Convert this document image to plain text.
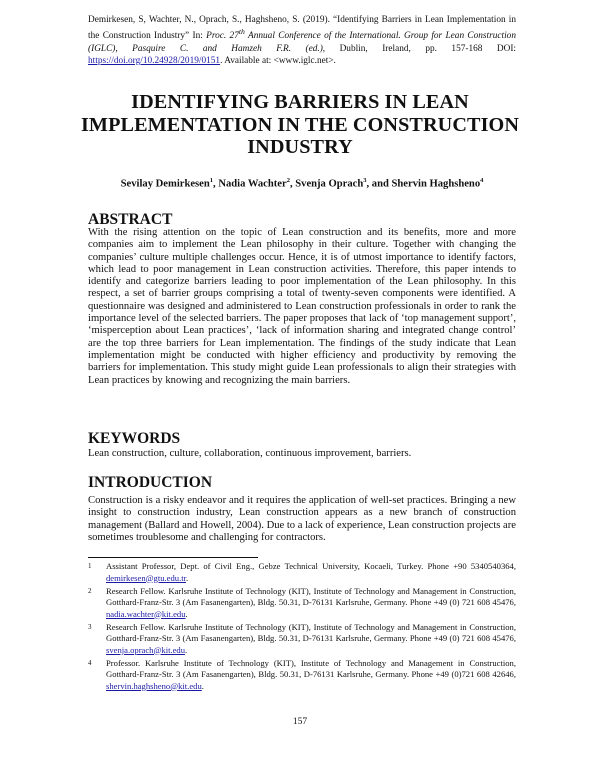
Demirkesen, S, Wachter, N., Oprach, S., Haghsheno, S. (2019). “Identifying Barriers in Lean Implementation in the Construction Industry” In: Proc. 27th Annual Conference of the International. Group for Lean Construction (IGLC), Pasquire C. and Hamzeh F.R. (ed.), Dublin, Ireland, pp. 157-168 DOI: https://doi.org/10.24928/2019/0151. Available at: <www.iglc.net>.
IDENTIFYING BARRIERS IN LEAN IMPLEMENTATION IN THE CONSTRUCTION INDUSTRY
Sevilay Demirkesen$^1$, Nadia Wachter$^2$, Svenja Oprach$^3$, and Shervin Haghsheno$^4$
ABSTRACT
With the rising attention on the topic of Lean construction and its benefits, more and more companies aim to implement the Lean philosophy in their culture. Together with changing the companies’ culture multiple challenges occur. Hence, it is of utmost importance to identify factors, which lead to poor management in Lean construction activities. Therefore, this paper intends to identify and categorize barriers leading to poor implementation of the Lean philosophy. In this respect, a set of barrier groups comprising a total of twenty-seven components were identified. A questionnaire was designed and administered to Lean construction professionals in order to rank the importance level of the selected barriers. The paper proposes that lack of ‘top management support’, ‘misperception about Lean practices’, ‘lack of information sharing and integrated change control’ are the top three barriers for Lean implementation. The findings of the study indicate that Lean implementation might be conducted with higher efficiency and productivity by removing the barriers for implementation. This study might guide Lean professionals to align their strategies with Lean practices by knowing and recognizing the main barriers.
KEYWORDS
Lean construction, culture, collaboration, continuous improvement, barriers.
INTRODUCTION
Construction is a risky endeavor and it requires the application of well-set practices. Bringing a new insight to construction industry, Lean construction appears as a new branch of construction management (Ballard and Howell, 2004). Due to a lack of experience, Lean construction projects are sometimes troublesome and challenging for contractors.
1 Assistant Professor, Dept. of Civil Eng., Gebze Technical University, Kocaeli, Turkey. Phone +90 5340540364, demirkesen@gtu.edu.tr.
2 Research Fellow. Karlsruhe Institute of Technology (KIT), Institute of Technology and Management in Construction, Gotthard-Franz-Str. 3 (Am Fasanengarten), Bldg. 50.31, D-76131 Karlsruhe, Germany. Phone +49 (0) 721 608 45476, nadia.wachter@kit.edu.
3 Research Fellow. Karlsruhe Institute of Technology (KIT), Institute of Technology and Management in Construction, Gotthard-Franz-Str. 3 (Am Fasanengarten), Bldg. 50.31, D-76131 Karlsruhe, Germany. Phone +49 (0) 721 608 45476, svenja.oprach@kit.edu.
4 Professor. Karlsruhe Institute of Technology (KIT), Institute of Technology and Management in Construction, Gotthard-Franz-Str. 3 (Am Fasanengarten), Bldg. 50.31, D-76131 Karlsruhe, Germany. Phone +49 (0)721 608 42646, shervin.haghsheno@kit.edu.
157
